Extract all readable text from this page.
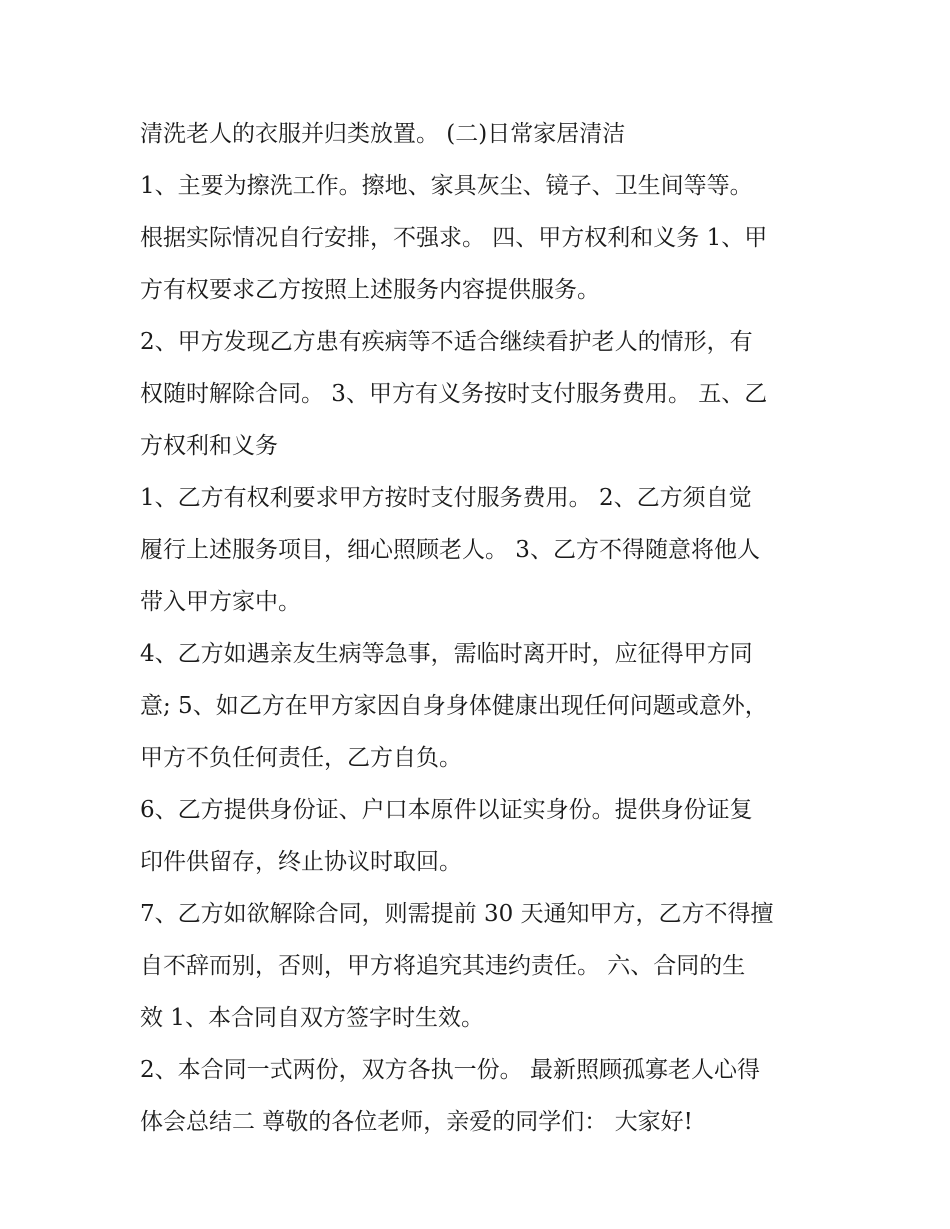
清洗老人的衣服并归类放置。 (二)日常家居清洁
1、主要为擦洗工作。擦地、家具灰尘、镜子、卫生间等等。
根据实际情况自行安排，不强求。 四、甲方权利和义务 1、甲
方有权要求乙方按照上述服务内容提供服务。
2、甲方发现乙方患有疾病等不适合继续看护老人的情形，有
权随时解除合同。 3、甲方有义务按时支付服务费用。 五、乙
方权利和义务
1、乙方有权利要求甲方按时支付服务费用。 2、乙方须自觉
履行上述服务项目，细心照顾老人。 3、乙方不得随意将他人
带入甲方家中。
4、乙方如遇亲友生病等急事，需临时离开时，应征得甲方同
意; 5、如乙方在甲方家因自身身体健康出现任何问题或意外，
甲方不负任何责任，乙方自负。
6、乙方提供身份证、户口本原件以证实身份。提供身份证复
印件供留存，终止协议时取回。
7、乙方如欲解除合同，则需提前 30 天通知甲方，乙方不得擅
自不辞而别，否则，甲方将追究其违约责任。 六、合同的生
效 1、本合同自双方签字时生效。
2、本合同一式两份，双方各执一份。 最新照顾孤寡老人心得
体会总结二 尊敬的各位老师，亲爱的同学们： 大家好!
